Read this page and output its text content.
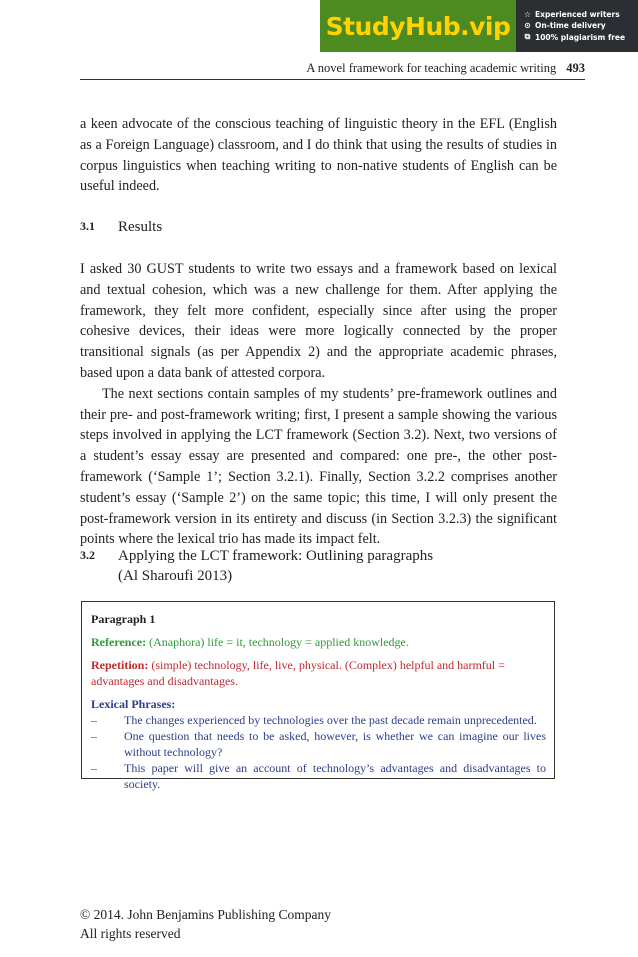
StudyHub.vip ☆ Experienced writers
⊙ On-time delivery
⧉ 100% plagiarism free
A novel framework for teaching academic writing 493

a keen advocate of the conscious teaching of linguistic theory in the EFL (English as a Foreign Language) classroom, and I do think that using the results of studies in corpus linguistics when teaching writing to non-native students of English can be useful indeed.

3.1	Results

I asked 30 GUST students to write two essays and a framework based on lexical and textual cohesion, which was a new challenge for them. After applying the framework, they felt more confident, especially since after using the proper cohesive devices, their ideas were more logically connected by the proper transitional signals (as per Appendix 2) and the appropriate academic phrases, based upon a data bank of attested corpora.

The next sections contain samples of my students’ pre-framework outlines and their pre- and post-framework writing; first, I present a sample showing the various steps involved in applying the LCT framework (Section 3.2). Next, two versions of a student’s essay essay are presented and compared: one pre-, the other post-framework (‘Sample 1’; Section 3.2.1). Finally, Section 3.2.2 comprises another student’s essay (‘Sample 2’) on the same topic; this time, I will only present the post-framework version in its entirety and discuss (in Section 3.2.3) the significant points where the lexical trio has made its impact felt.

3.2	Applying the LCT framework: Outlining paragraphs
(Al Sharoufi 2013)
Paragraph 1
Reference: (Anaphora) life = it, technology = applied knowledge.
Repetition: (simple) technology, life, live, physical. (Complex) helpful and harmful = advantages and disadvantages.
Lexical Phrases:
–	The changes experienced by technologies over the past decade remain unprecedented.
–	One question that needs to be asked, however, is whether we can imagine our lives without technology?
–	This paper will give an account of technology’s advantages and disadvantages to society.
© 2014. John Benjamins Publishing Company
All rights reserved
